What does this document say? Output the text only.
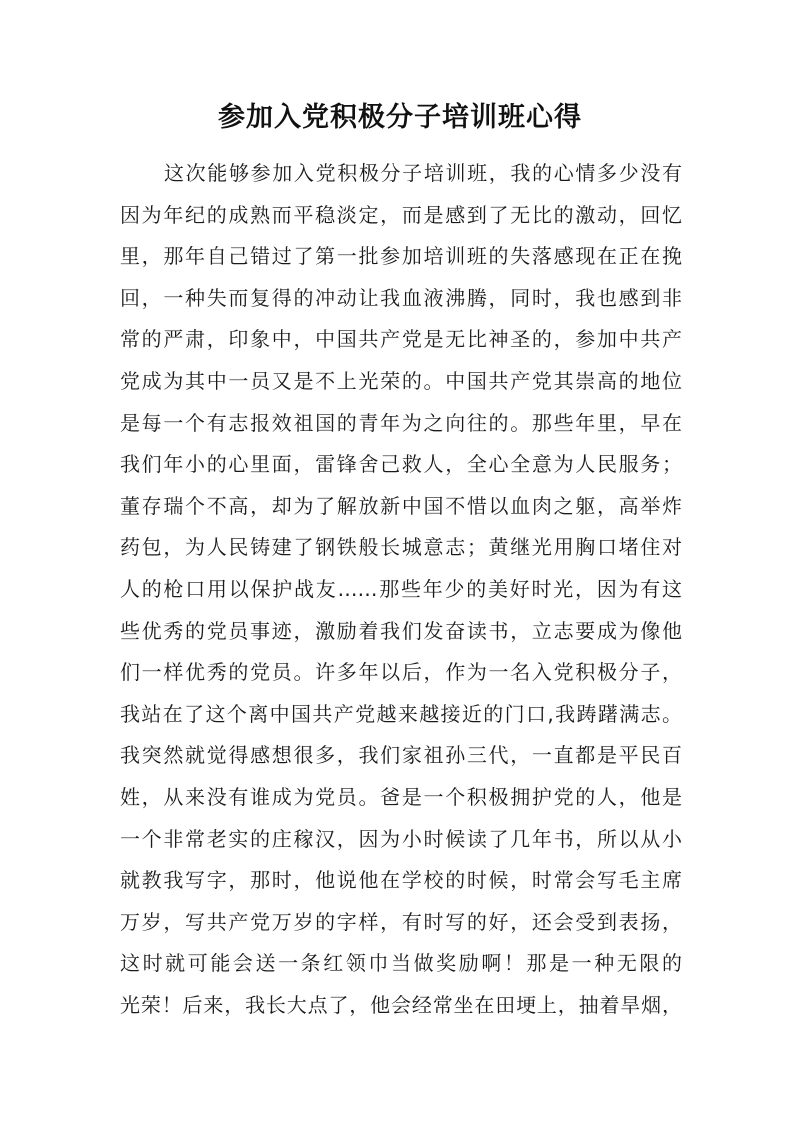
参加入党积极分子培训班心得
这次能够参加入党积极分子培训班，我的心情多少没有
因为年纪的成熟而平稳淡定，而是感到了无比的激动，回忆
里，那年自己错过了第一批参加培训班的失落感现在正在挽
回，一种失而复得的冲动让我血液沸腾，同时，我也感到非
常的严肃，印象中，中国共产党是无比神圣的，参加中共产
党成为其中一员又是不上光荣的。中国共产党其崇高的地位
是每一个有志报效祖国的青年为之向往的。那些年里，早在
我们年小的心里面，雷锋舍己救人，全心全意为人民服务；
董存瑞个不高，却为了解放新中国不惜以血肉之躯，高举炸
药包，为人民铸建了钢铁般长城意志；黄继光用胸口堵住对
人的枪口用以保护战友……那些年少的美好时光，因为有这
些优秀的党员事迹，激励着我们发奋读书，立志要成为像他
们一样优秀的党员。许多年以后，作为一名入党积极分子，
我站在了这个离中国共产党越来越接近的门口,我踌躇满志。
我突然就觉得感想很多，我们家祖孙三代，一直都是平民百
姓，从来没有谁成为党员。爸是一个积极拥护党的人，他是
一个非常老实的庄稼汉，因为小时候读了几年书，所以从小
就教我写字，那时，他说他在学校的时候，时常会写毛主席
万岁，写共产党万岁的字样，有时写的好，还会受到表扬，
这时就可能会送一条红领巾当做奖励啊！那是一种无限的
光荣！后来，我长大点了，他会经常坐在田埂上，抽着旱烟，
